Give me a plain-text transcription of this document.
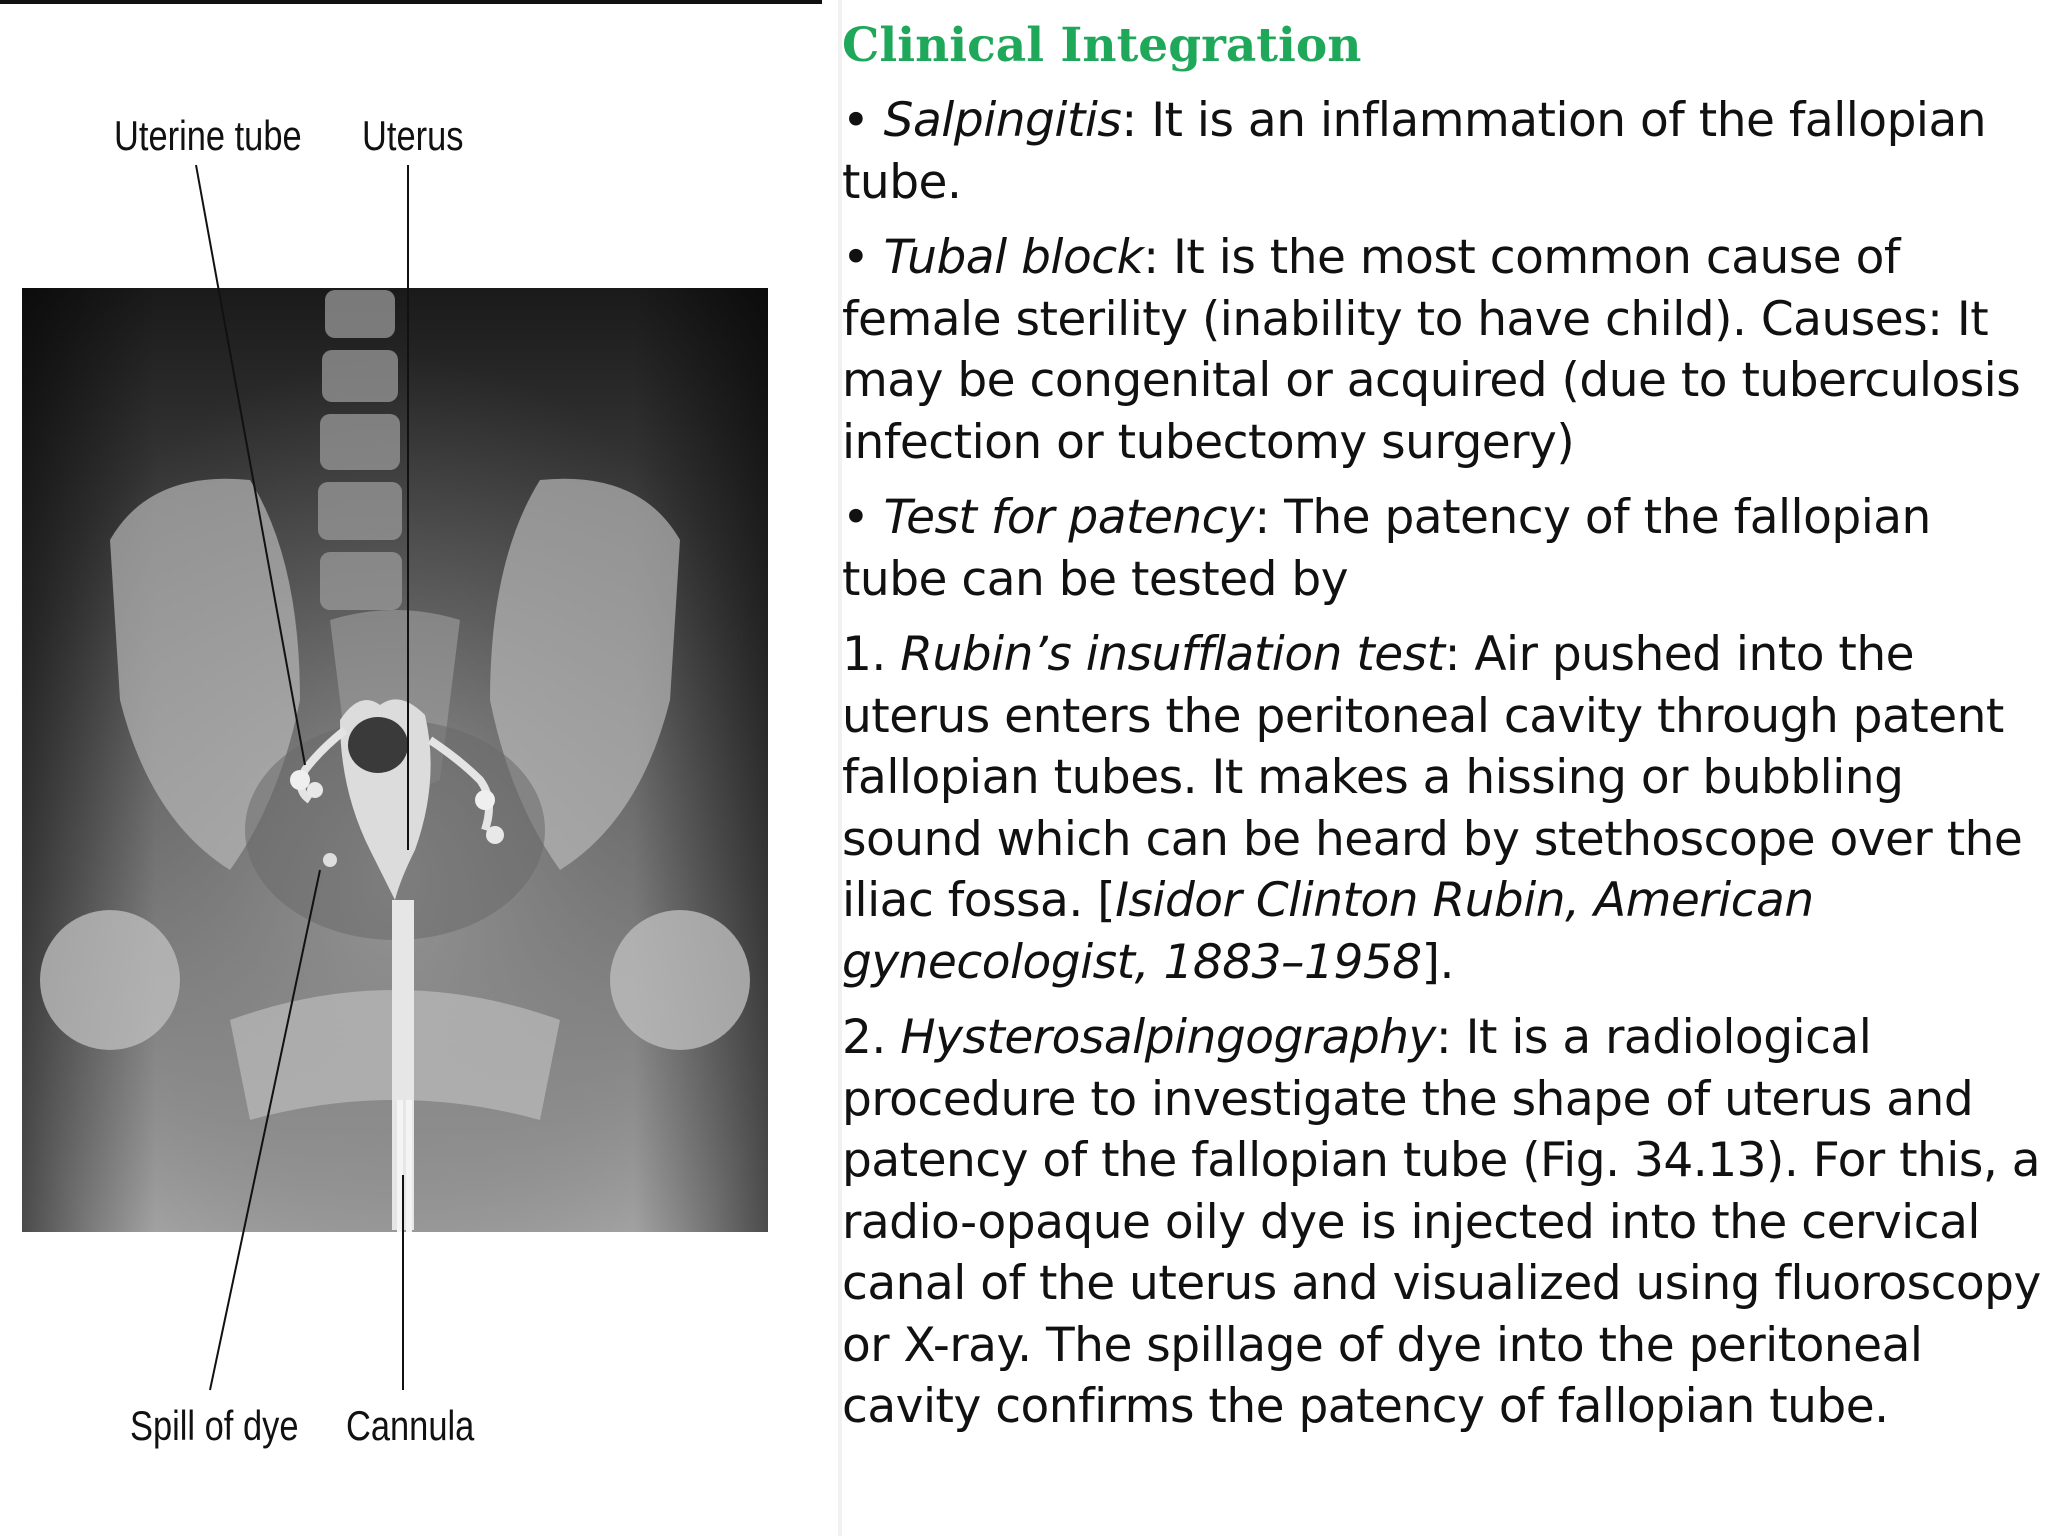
Uterine tube Uterus
Spill of dye Cannula
Clinical Integration

• Salpingitis: It is an inflammation of the fallopian tube.

• Tubal block: It is the most common cause of female sterility (inability to have child). Causes: It may be congenital or acquired (due to tuberculosis infection or tubectomy surgery)

• Test for patency: The patency of the fallopian tube can be tested by

1. Rubin’s insufflation test: Air pushed into the uterus enters the peritoneal cavity through patent fallopian tubes. It makes a hissing or bubbling sound which can be heard by stethoscope over the iliac fossa. [Isidor Clinton Rubin, American gynecologist, 1883–1958].

2. Hysterosalpingography: It is a radiological procedure to investigate the shape of uterus and patency of the fallopian tube (Fig. 34.13). For this, a radio-opaque oily dye is injected into the cervical canal of the uterus and visualized using fluoroscopy or X-ray. The spillage of dye into the peritoneal cavity confirms the patency of fallopian tube.
